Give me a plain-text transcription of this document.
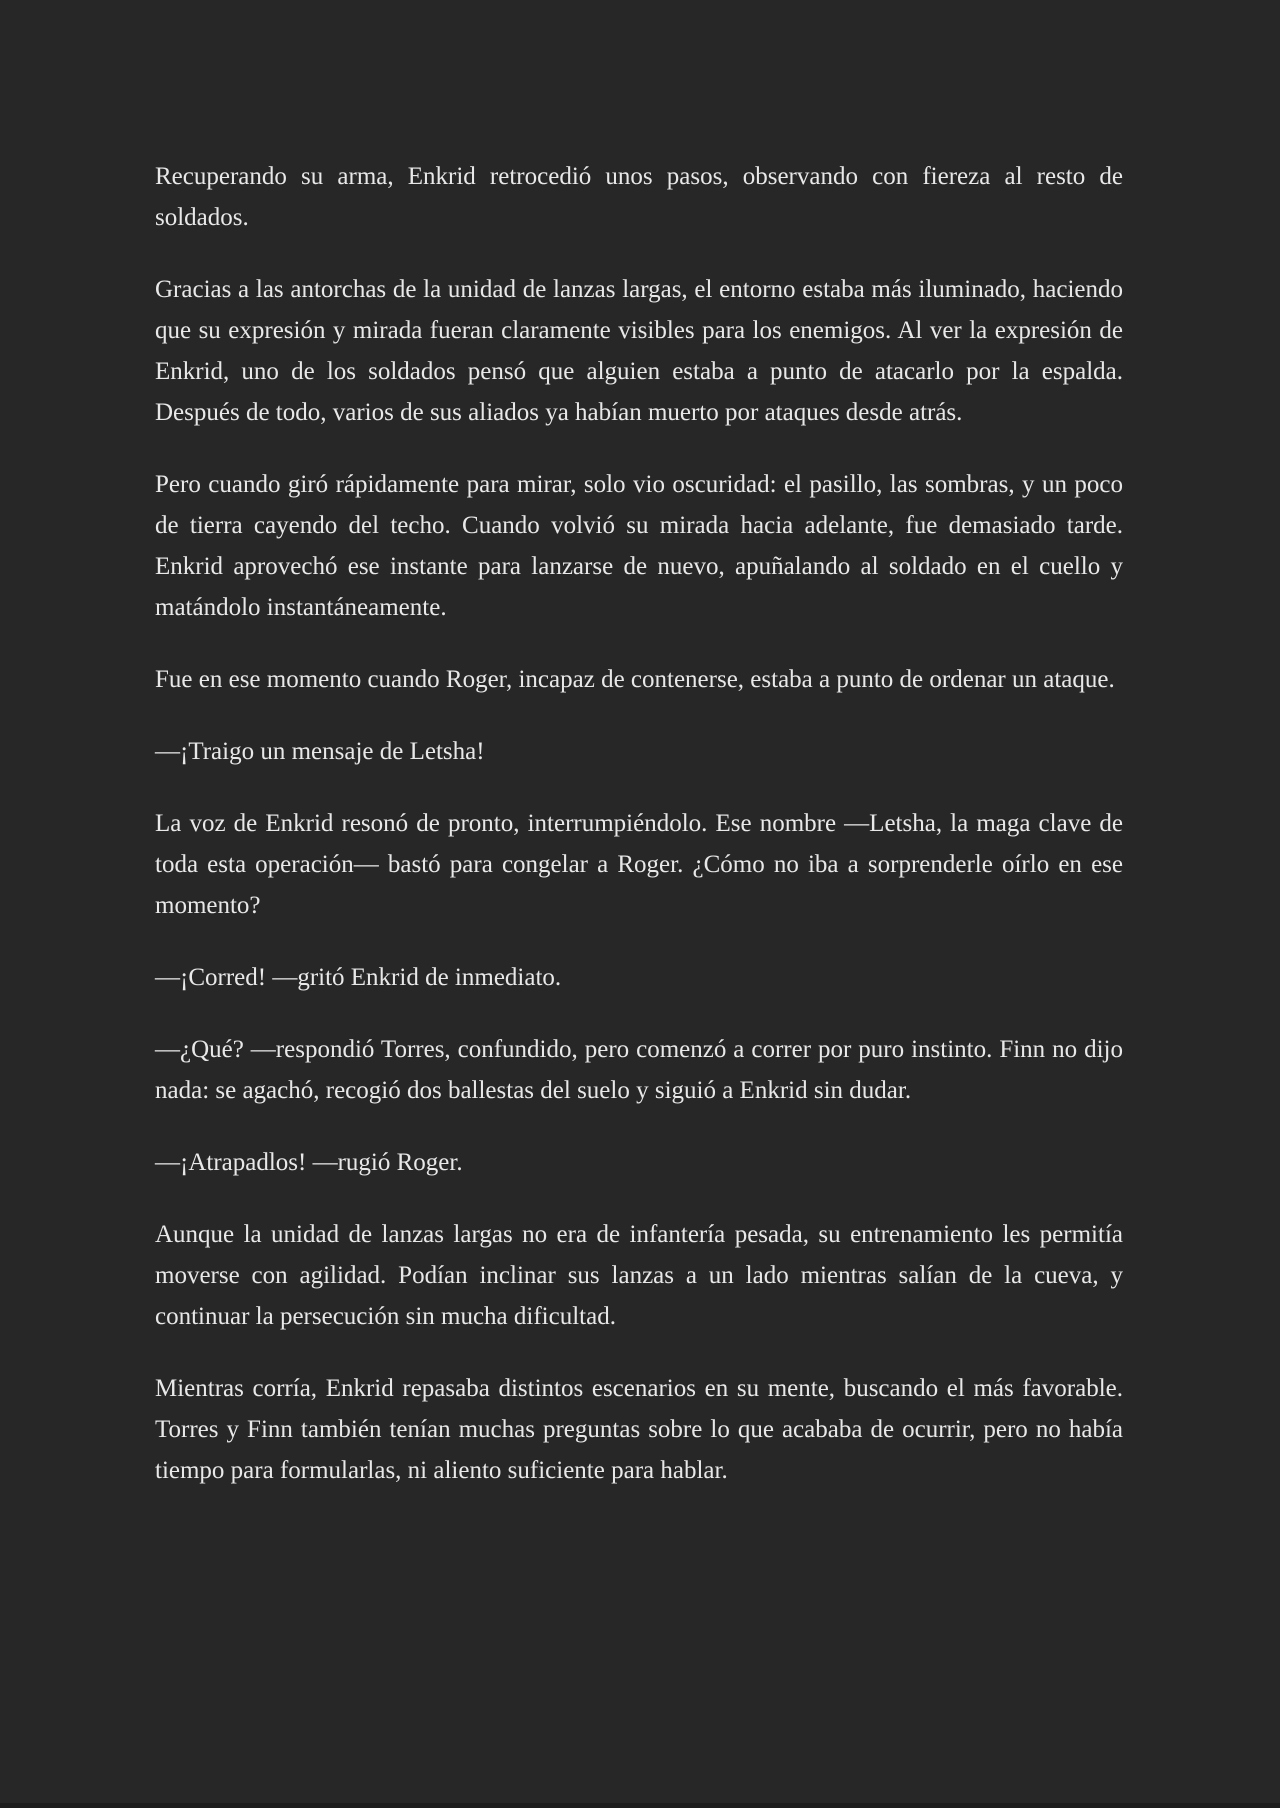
Recuperando su arma, Enkrid retrocedió unos pasos, observando con fiereza al resto de soldados.

Gracias a las antorchas de la unidad de lanzas largas, el entorno estaba más iluminado, haciendo que su expresión y mirada fueran claramente visibles para los enemigos. Al ver la expresión de Enkrid, uno de los soldados pensó que alguien estaba a punto de atacarlo por la espalda. Después de todo, varios de sus aliados ya habían muerto por ataques desde atrás.

Pero cuando giró rápidamente para mirar, solo vio oscuridad: el pasillo, las sombras, y un poco de tierra cayendo del techo. Cuando volvió su mirada hacia adelante, fue demasiado tarde. Enkrid aprovechó ese instante para lanzarse de nuevo, apuñalando al soldado en el cuello y matándolo instantáneamente.

Fue en ese momento cuando Roger, incapaz de contenerse, estaba a punto de ordenar un ataque.

—¡Traigo un mensaje de Letsha!

La voz de Enkrid resonó de pronto, interrumpiéndolo. Ese nombre —Letsha, la maga clave de toda esta operación— bastó para congelar a Roger. ¿Cómo no iba a sorprenderle oírlo en ese momento?

—¡Corred! —gritó Enkrid de inmediato.

—¿Qué? —respondió Torres, confundido, pero comenzó a correr por puro instinto. Finn no dijo nada: se agachó, recogió dos ballestas del suelo y siguió a Enkrid sin dudar.

—¡Atrapadlos! —rugió Roger.

Aunque la unidad de lanzas largas no era de infantería pesada, su entrenamiento les permitía moverse con agilidad. Podían inclinar sus lanzas a un lado mientras salían de la cueva, y continuar la persecución sin mucha dificultad.

Mientras corría, Enkrid repasaba distintos escenarios en su mente, buscando el más favorable. Torres y Finn también tenían muchas preguntas sobre lo que acababa de ocurrir, pero no había tiempo para formularlas, ni aliento suficiente para hablar.
